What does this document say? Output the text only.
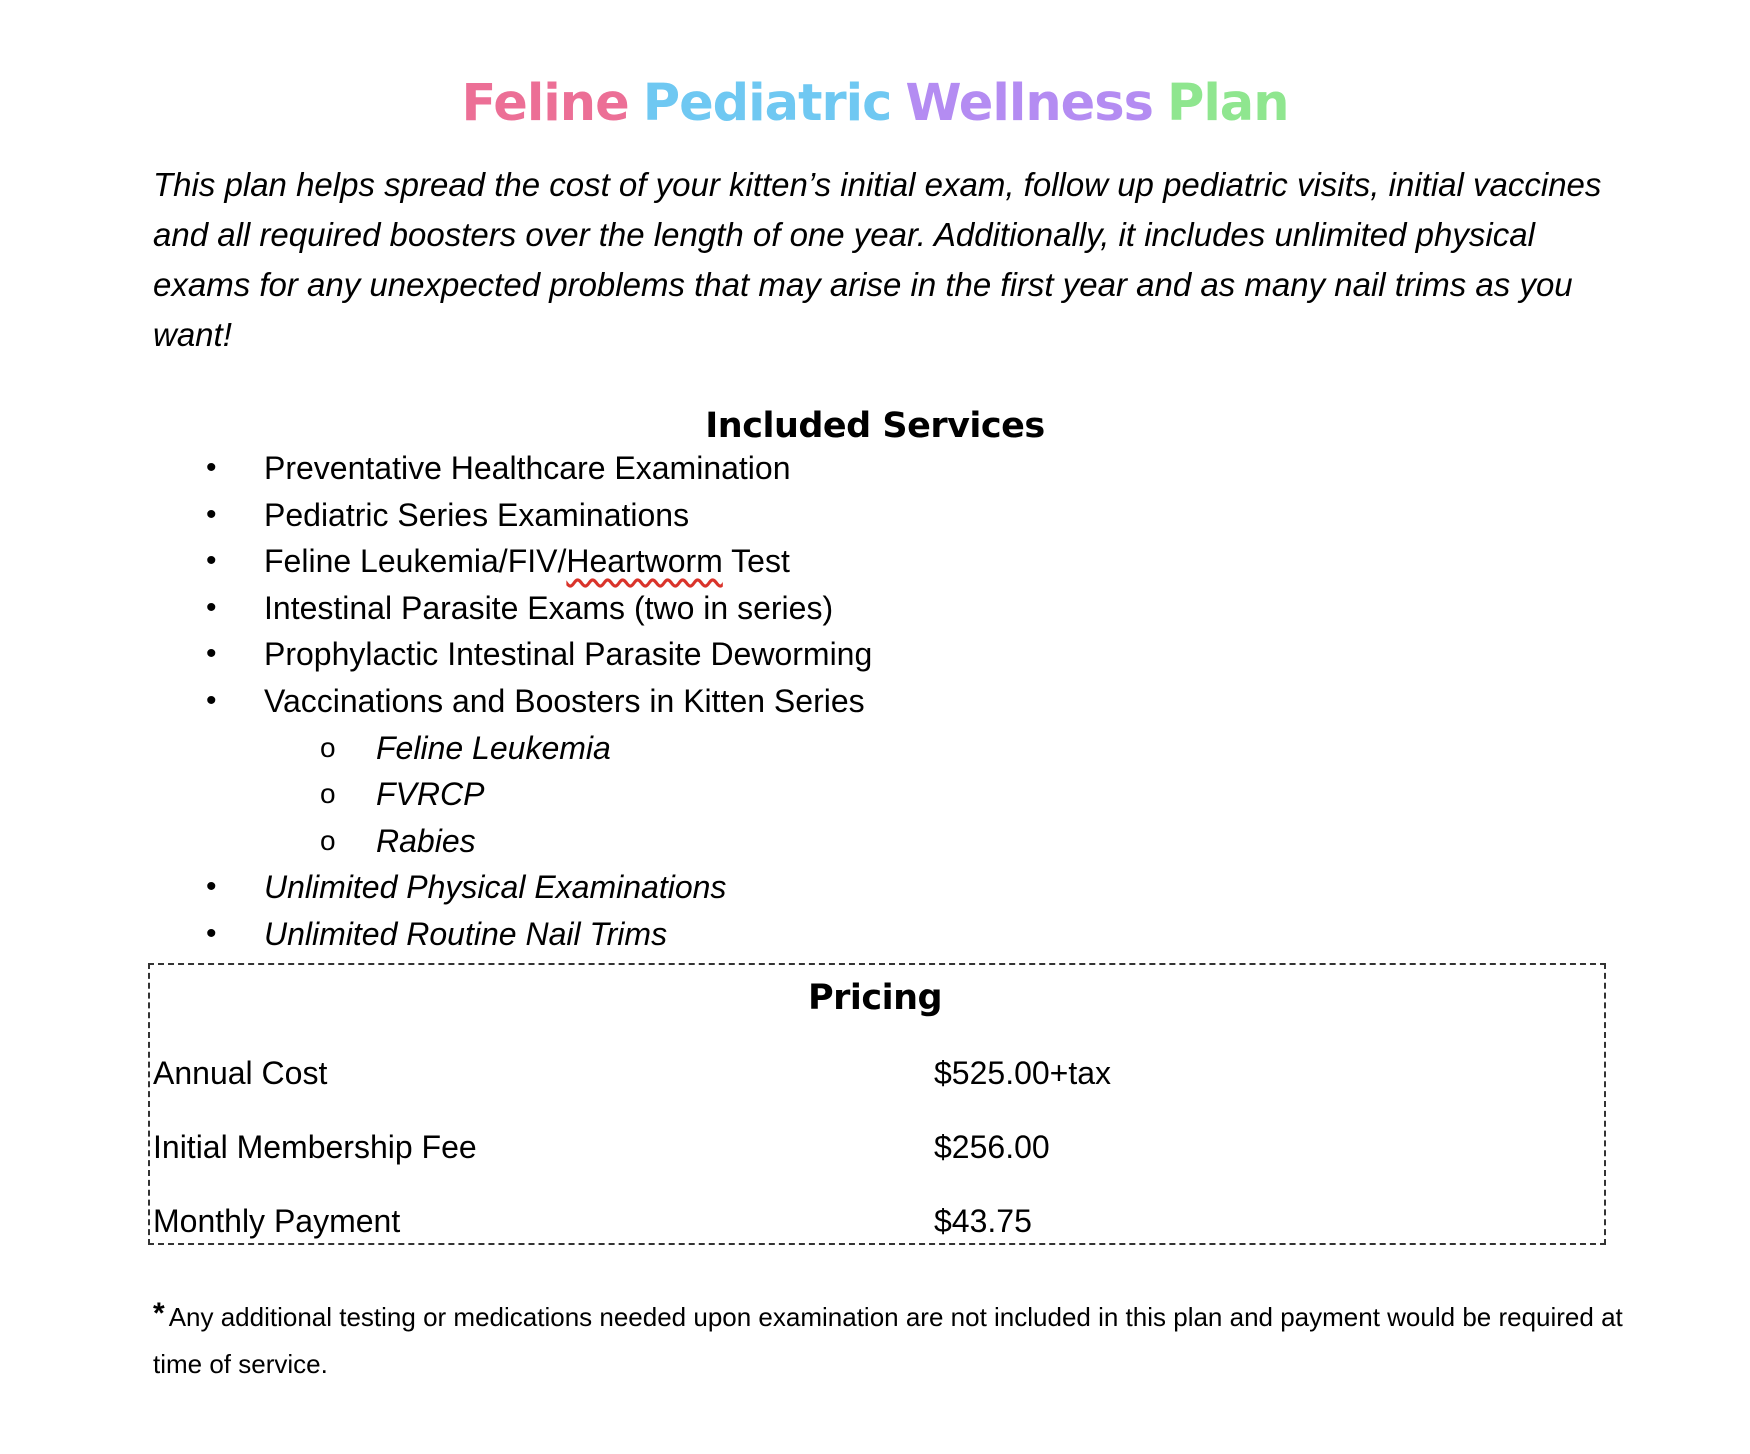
Feline Pediatric Wellness Plan

This plan helps spread the cost of your kitten’s initial exam, follow up pediatric visits, initial vaccines and all required boosters over the length of one year. Additionally, it includes unlimited physical exams for any unexpected problems that may arise in the first year and as many nail trims as you want!

Included Services
• Preventative Healthcare Examination
• Pediatric Series Examinations
• Feline Leukemia/FIV/Heartworm Test
• Intestinal Parasite Exams (two in series)
• Prophylactic Intestinal Parasite Deworming
• Vaccinations and Boosters in Kitten Series
o Feline Leukemia
o FVRCP
o Rabies
• Unlimited Physical Examinations
• Unlimited Routine Nail Trims
Pricing
Annual Cost	$525.00+tax
Initial Membership Fee	$256.00
Monthly Payment	$43.75

* Any additional testing or medications needed upon examination are not included in this plan and payment would be required at time of service.
